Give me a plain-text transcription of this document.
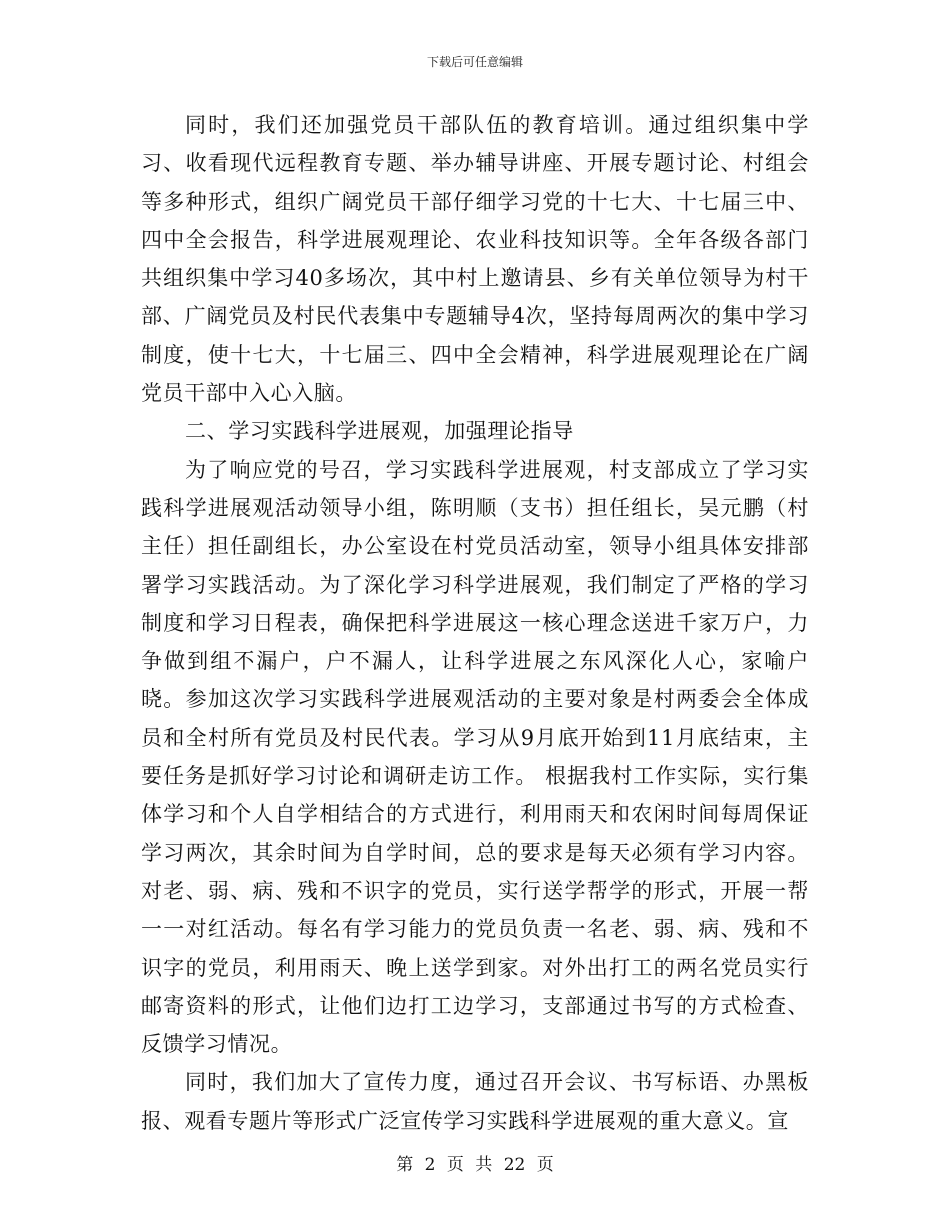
下载后可任意编辑

同时，我们还加强党员干部队伍的教育培训。通过组织集中学习、收看现代远程教育专题、举办辅导讲座、开展专题讨论、村组会等多种形式，组织广阔党员干部仔细学习党的十七大、十七届三中、四中全会报告，科学进展观理论、农业科技知识等。全年各级各部门共组织集中学习40多场次，其中村上邀请县、乡有关单位领导为村干部、广阔党员及村民代表集中专题辅导4次，坚持每周两次的集中学习制度，使十七大，十七届三、四中全会精神，科学进展观理论在广阔党员干部中入心入脑。

二、学习实践科学进展观，加强理论指导

为了响应党的号召，学习实践科学进展观，村支部成立了学习实践科学进展观活动领导小组，陈明顺（支书）担任组长，吴元鹏（村主任）担任副组长，办公室设在村党员活动室，领导小组具体安排部署学习实践活动。为了深化学习科学进展观，我们制定了严格的学习制度和学习日程表，确保把科学进展这一核心理念送进千家万户，力争做到组不漏户，户不漏人，让科学进展之东风深化人心，家喻户晓。参加这次学习实践科学进展观活动的主要对象是村两委会全体成员和全村所有党员及村民代表。学习从9月底开始到11月底结束，主要任务是抓好学习讨论和调研走访工作。 根据我村工作实际，实行集体学习和个人自学相结合的方式进行，利用雨天和农闲时间每周保证学习两次，其余时间为自学时间，总的要求是每天必须有学习内容。对老、弱、病、残和不识字的党员，实行送学帮学的形式，开展一帮一一对红活动。每名有学习能力的党员负责一名老、弱、病、残和不识字的党员，利用雨天、晚上送学到家。对外出打工的两名党员实行邮寄资料的形式，让他们边打工边学习，支部通过书写的方式检查、反馈学习情况。

同时，我们加大了宣传力度，通过召开会议、书写标语、办黑板报、观看专题片等形式广泛宣传学习实践科学进展观的重大意义。宣

第 2 页 共 22 页
